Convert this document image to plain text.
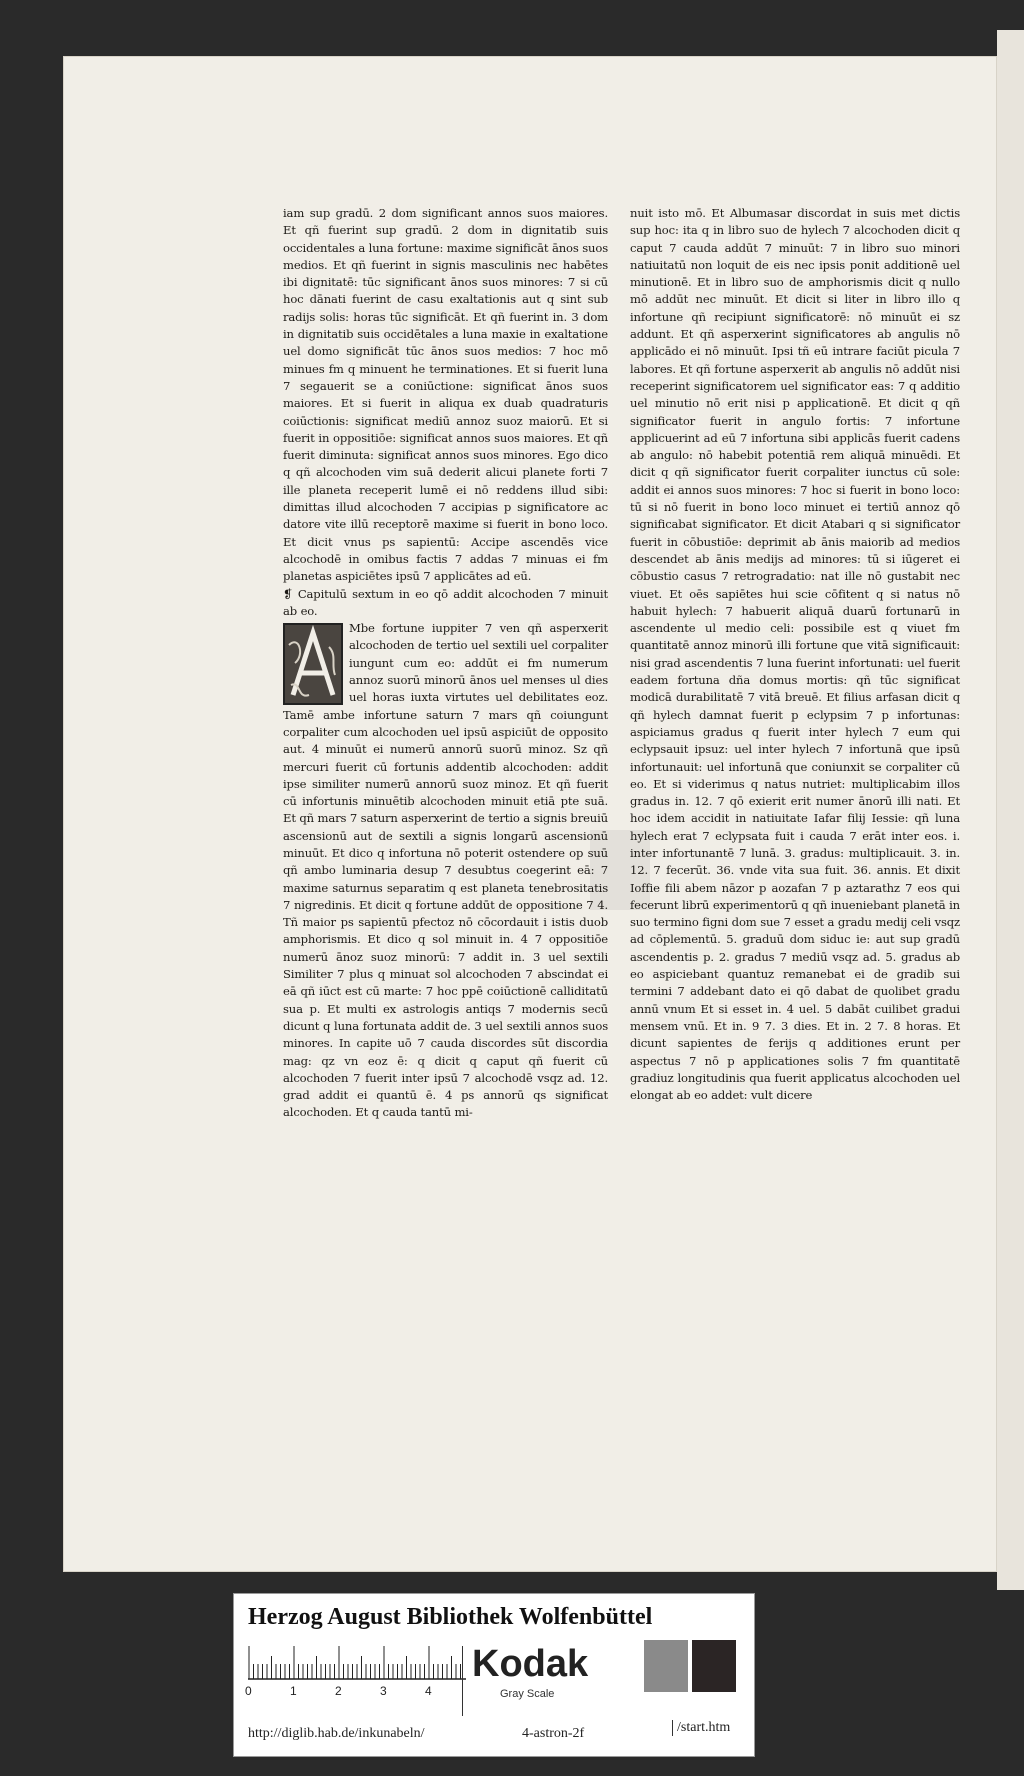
iam sup gradū. 2 dom significant annos suos maiores. Et qñ fuerint sup gradū. 2 dom in dignitatib suis occidentales a luna fortune: maxime significāt ānos suos medios. Et qñ fuerint in signis masculinis nec habētes ibi dignitatē: tūc significant ānos suos minores: 7 si cū hoc dānati fuerint de casu exaltationis aut q sint sub radijs solis: horas tūc significāt. Et qñ fuerint in. 3 dom in dignitatib suis occidētales a luna maxie in exaltatione uel domo significāt tūc ānos suos medios: 7 hoc mō minues fm q minuent he terminationes. Et si fuerit luna 7 segauerit se a coniūctione: significat ānos suos maiores. Et si fuerit in aliqua ex duab quadraturis coiūctionis: significat mediū annoz suoz maiorū. Et si fuerit in oppositiōe: significat annos suos maiores. Et qñ fuerit diminuta: significat annos suos minores. Ego dico q qñ alcochoden vim suā dederit alicui planete forti 7 ille planeta receperit lumē ei nō reddens illud sibi: dimittas illud alcochoden 7 accipias p significatore ac datore vite illū receptorē maxime si fuerit in bono loco. Et dicit vnus ps sapientū: Accipe ascendēs vice alcochodē in omibus factis 7 addas 7 minuas ei fm planetas aspiciētes ipsū 7 applicātes ad eū.

❡ Capitulū sextum in eo qō addit alcochoden 7 minuit ab eo.

Mbe fortune iuppiter 7 ven qñ asperxerit alcochoden de tertio uel sextili uel corpaliter iungunt cum eo: addūt ei fm numerum annoz suorū minorū ānos uel menses ul dies uel horas iuxta virtutes uel debilitates eoz. Tamē ambe infortune saturn 7 mars qñ coiungunt corpaliter cum alcochoden uel ipsū aspiciūt de opposito aut. 4 minuūt ei numerū annorū suorū minoz. Sz qñ mercuri fuerit cū fortunis addentib alcochoden: addit ipse similiter numerū annorū suoz minoz. Et qñ fuerit cū infortunis minuētib alcochoden minuit etiā pte suā. Et qñ mars 7 saturn asperxerint de tertio a signis breuiū ascensionū aut de sextili a signis longarū ascensionū minuūt. Et dico q infortuna nō poterit ostendere op suū qñ ambo luminaria desup 7 desubtus coegerint eā: 7 maxime saturnus separatim q est planeta tenebrositatis 7 nigredinis. Et dicit q fortune addūt de oppositione 7 4. Tñ maior ps sapientū pfectoz nō cōcordauit i istis duob amphorismis. Et dico q sol minuit in. 4 7 oppositiōe numerū ānoz suoz minorū: 7 addit in. 3 uel sextili Similiter 7 plus q minuat sol alcochoden 7 abscindat ei eā qñ iūct est cū marte: 7 hoc ppē coiūctionē calliditatū sua p. Et multi ex astrologis antiqs 7 modernis secū dicunt q luna fortunata addit de. 3 uel sextili annos suos minores. In capite uō 7 cauda discordes sūt discordia mag: qz vn eoz ē: q dicit q caput qñ fuerit cū alcochoden 7 fuerit inter ipsū 7 alcochodē vsqz ad. 12. grad addit ei quantū ē. 4 ps annorū qs significat alcochoden. Et q cauda tantū mi-

nuit isto mō. Et Albumasar discordat in suis met dictis sup hoc: ita q in libro suo de hylech 7 alcochoden dicit q caput 7 cauda addūt 7 minuūt: 7 in libro suo minori natiuitatū non loquit de eis nec ipsis ponit additionē uel minutionē. Et in libro suo de amphorismis dicit q nullo mō addūt nec minuūt. Et dicit si liter in libro illo q infortune qñ recipiunt significatorē: nō minuūt ei sz addunt. Et qñ asperxerint significatores ab angulis nō applicādo ei nō minuūt. Ipsi tñ eū intrare faciūt picula 7 labores. Et qñ fortune asperxerit ab angulis nō addūt nisi receperint significatorem uel significator eas: 7 q additio uel minutio nō erit nisi p applicationē. Et dicit q qñ significator fuerit in angulo fortis: 7 infortune applicuerint ad eū 7 infortuna sibi applicās fuerit cadens ab angulo: nō habebit potentiā rem aliquā minuēdi. Et dicit q qñ significator fuerit corpaliter iunctus cū sole: addit ei annos suos minores: 7 hoc si fuerit in bono loco: tū si nō fuerit in bono loco minuet ei tertiū annoz qō significabat significator. Et dicit Atabari q si significator fuerit in cōbustiōe: deprimit ab ānis maiorib ad medios descendet ab ānis medijs ad minores: tū si iūgeret ei cōbustio casus 7 retrogradatio: nat ille nō gustabit nec viuet. Et oēs sapiētes hui scie cōfitent q si natus nō habuit hylech: 7 habuerit aliquā duarū fortunarū in ascendente ul medio celi: possibile est q viuet fm quantitatē annoz minorū illi fortune que vitā significauit: nisi grad ascendentis 7 luna fuerint infortunati: uel fuerit eadem fortuna dña domus mortis: qñ tūc significat modicā durabilitatē 7 vitā breuē. Et filius arfasan dicit q qñ hylech damnat fuerit p eclypsim 7 p infortunas: aspiciamus gradus q fuerit inter hylech 7 eum qui eclypsauit ipsuz: uel inter hylech 7 infortunā que ipsū infortunauit: uel infortunā que coniunxit se corpaliter cū eo. Et si viderimus q natus nutriet: multiplicabim illos gradus in. 12. 7 qō exierit erit numer ānorū illi nati. Et hoc idem accidit in natiuitate Iafar filij Iessie: qñ luna hylech erat 7 eclypsata fuit i cauda 7 erāt inter eos. i. inter infortunantē 7 lunā. 3. gradus: multiplicauit. 3. in. 12. 7 fecerūt. 36. vnde vita sua fuit. 36. annis. Et dixit Ioffie fili abem nāzor p aozafan 7 p aztarathz 7 eos qui fecerunt librū experimentorū q qñ inueniebant planetā in suo termino figni dom sue 7 esset a gradu medij celi vsqz ad cōplementū. 5. graduū dom siduc ie: aut sup gradū ascendentis p. 2. gradus 7 mediū vsqz ad. 5. gradus ab eo aspiciebant quantuz remanebat ei de gradib sui termini 7 addebant dato ei qō dabat de quolibet gradu annū vnum Et si esset in. 4 uel. 5 dabāt cuilibet gradui mensem vnū. Et in. 9 7. 3 dies. Et in. 2 7. 8 horas. Et dicunt sapientes de ferijs q additiones erunt per aspectus 7 nō p applicationes solis 7 fm quantitatē gradiuz longitudinis qua fuerit applicatus alcochoden uel elongat ab eo addet: vult dicere

Herzog August Bibliothek Wolfenbüttel
0	1	2	3	4
Kodak
Gray Scale
http://diglib.hab.de/inkunabeln/	4-astron-2f	/start.htm
